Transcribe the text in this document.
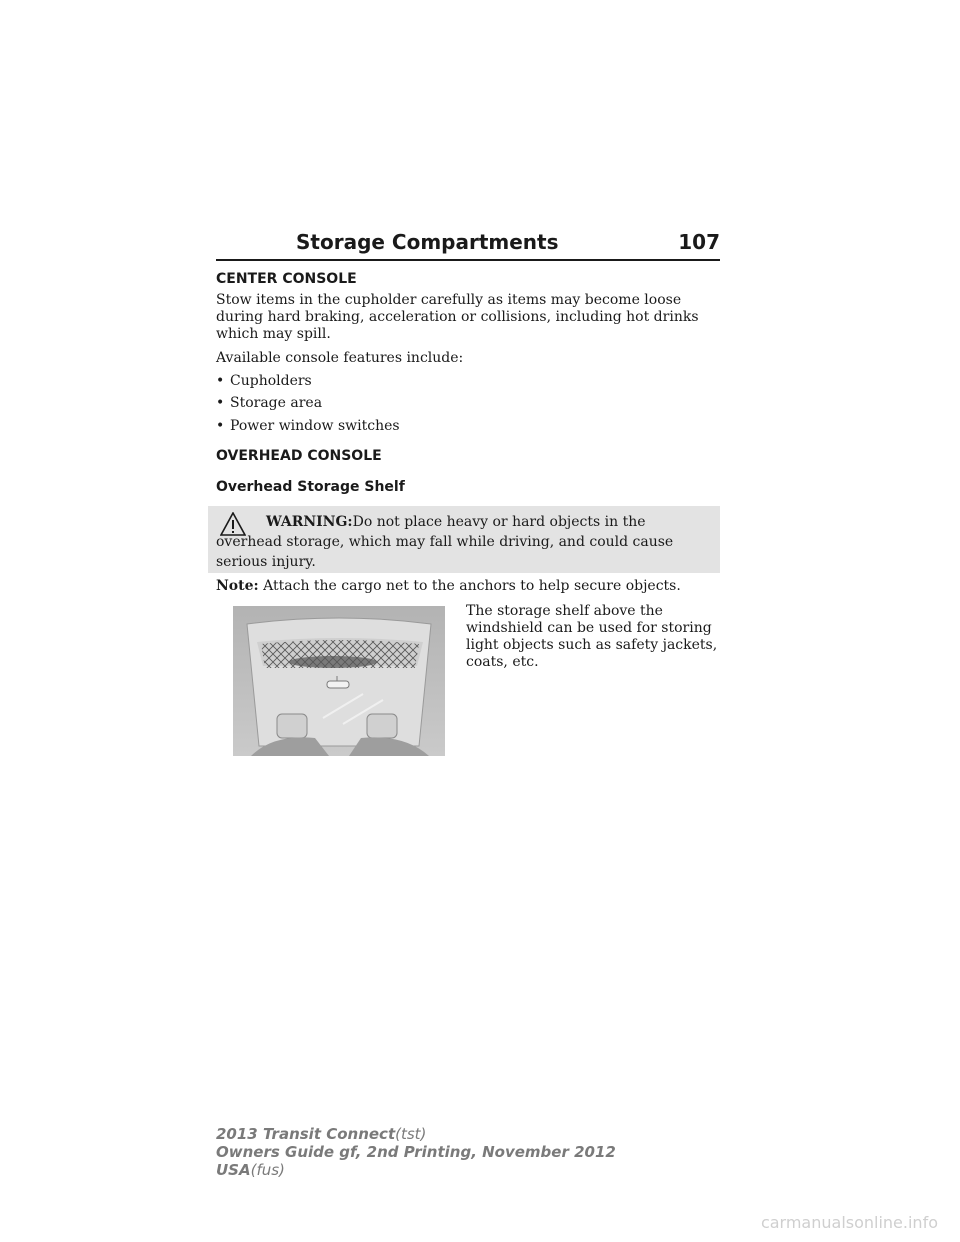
Storage Compartments	107
CENTER CONSOLE

Stow items in the cupholder carefully as items may become loose during hard braking, acceleration or collisions, including hot drinks which may spill.

Available console features include:

• Cupholders
• Storage area
• Power window switches
OVERHEAD CONSOLE
Overhead Storage Shelf

WARNING:Do not place heavy or hard objects in the overhead storage, which may fall while driving, and could cause serious injury.

Note: Attach the cargo net to the anchors to help secure objects.

The storage shelf above the windshield can be used for storing light objects such as safety jackets, coats, etc.

2013 Transit Connect(tst)
Owners Guide gf, 2nd Printing, November 2012
USA(fus)
carmanualsonline.info
